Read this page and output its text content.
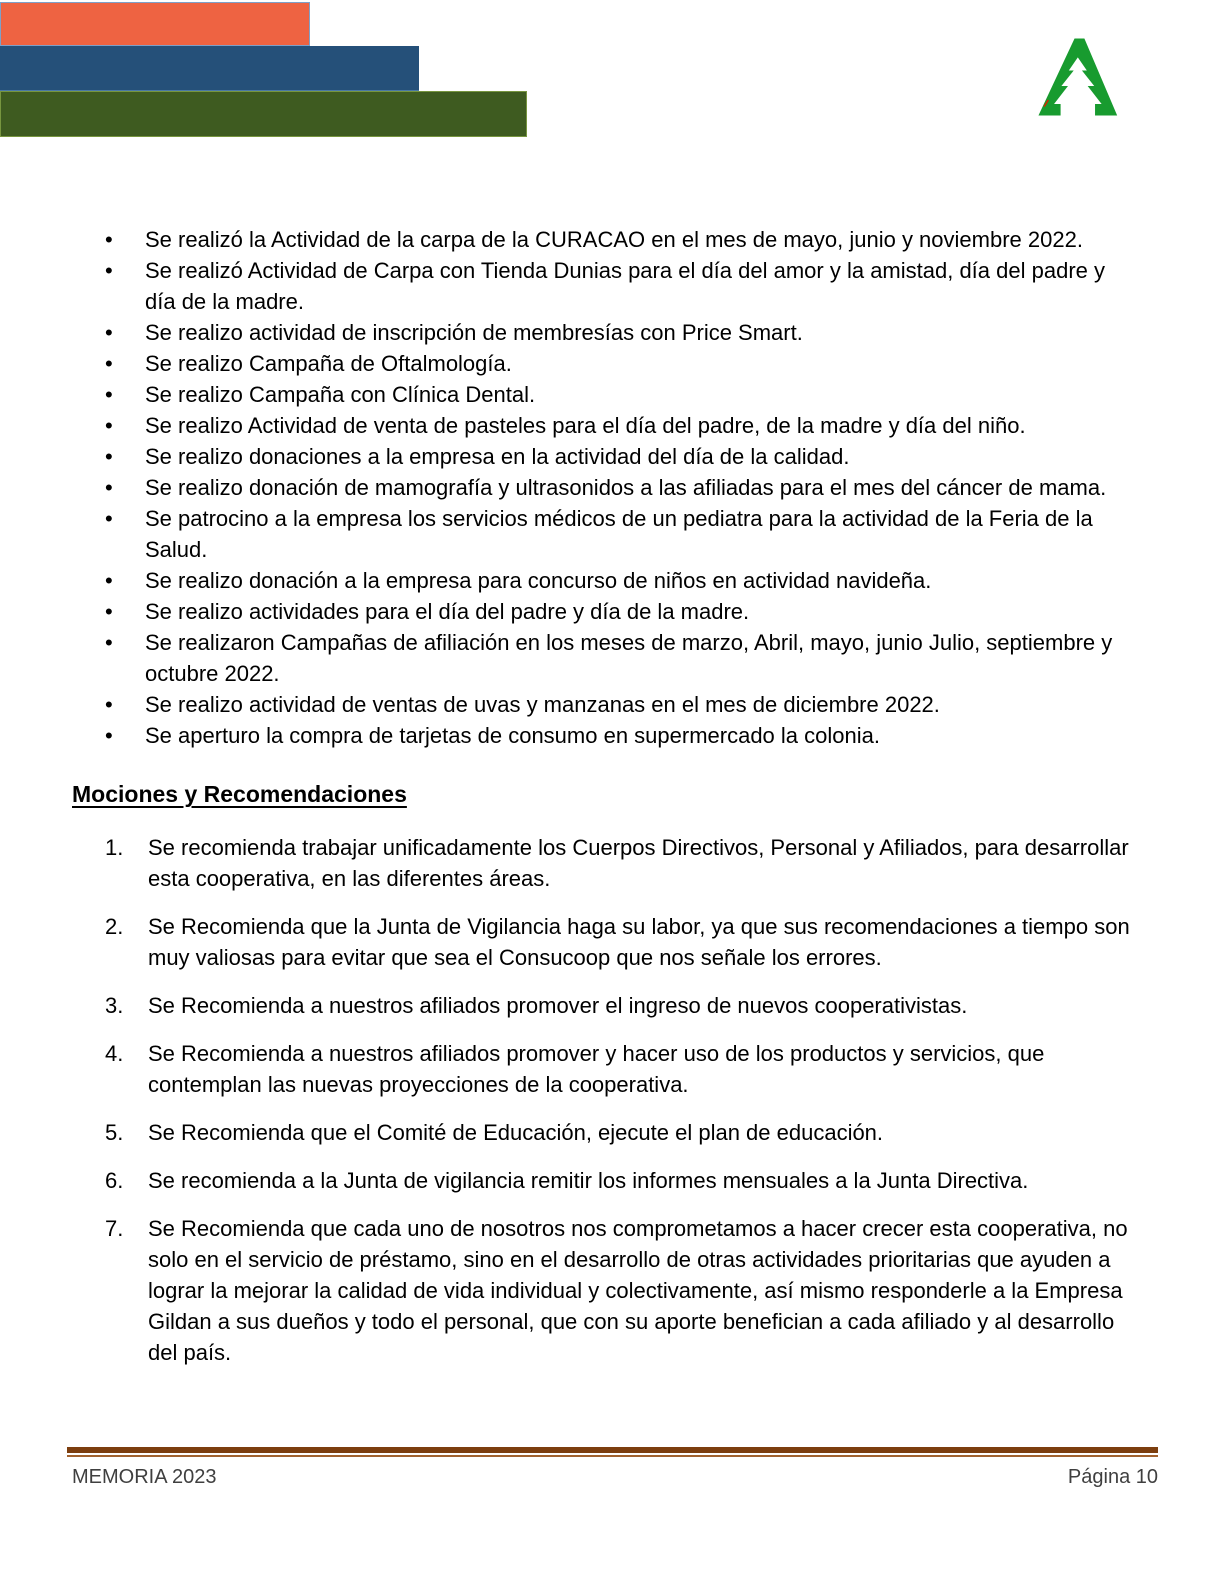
• Se realizó la Actividad de la carpa de la CURACAO en el mes de mayo, junio y noviembre 2022.
• Se realizó Actividad de Carpa con Tienda Dunias para el día del amor y la amistad, día del padre y día de la madre.
• Se realizo actividad de inscripción de membresías con Price Smart.
• Se realizo Campaña de Oftalmología.
• Se realizo Campaña con Clínica Dental.
• Se realizo Actividad de venta de pasteles para el día del padre, de la madre y día del niño.
• Se realizo donaciones a la empresa en la actividad del día de la calidad.
• Se realizo donación de mamografía y ultrasonidos a las afiliadas para el mes del cáncer de mama.
• Se patrocino a la empresa los servicios médicos de un pediatra para la actividad de la Feria de la Salud.
• Se realizo donación a la empresa para concurso de niños en actividad navideña.
• Se realizo actividades para el día del padre y día de la madre.
• Se realizaron Campañas de afiliación en los meses de marzo, Abril, mayo, junio Julio, septiembre y octubre 2022.
• Se realizo actividad de ventas de uvas y manzanas en el mes de diciembre 2022.
• Se aperturo la compra de tarjetas de consumo en supermercado la colonia.
Mociones y Recomendaciones
Se recomienda trabajar unificadamente los Cuerpos Directivos, Personal y Afiliados, para desarrollar esta cooperativa, en las diferentes áreas.
Se Recomienda que la Junta de Vigilancia haga su labor, ya que sus recomendaciones a tiempo son muy valiosas para evitar que sea el Consucoop que nos señale los errores.
Se Recomienda a nuestros afiliados promover el ingreso de nuevos cooperativistas.
Se Recomienda a nuestros afiliados promover y hacer uso de los productos y servicios, que contemplan las nuevas proyecciones de la cooperativa.
Se Recomienda que el Comité de Educación, ejecute el plan de educación.
Se recomienda a la Junta de vigilancia remitir los informes mensuales a la Junta Directiva.
Se Recomienda que cada uno de nosotros nos comprometamos a hacer crecer esta cooperativa, no solo en el servicio de préstamo, sino en el desarrollo de otras actividades prioritarias que ayuden a lograr la mejorar la calidad de vida individual y colectivamente, así mismo responderle a la Empresa Gildan a sus dueños y todo el personal, que con su aporte benefician a cada afiliado y al desarrollo del país.
MEMORIA 2023	Página 10
